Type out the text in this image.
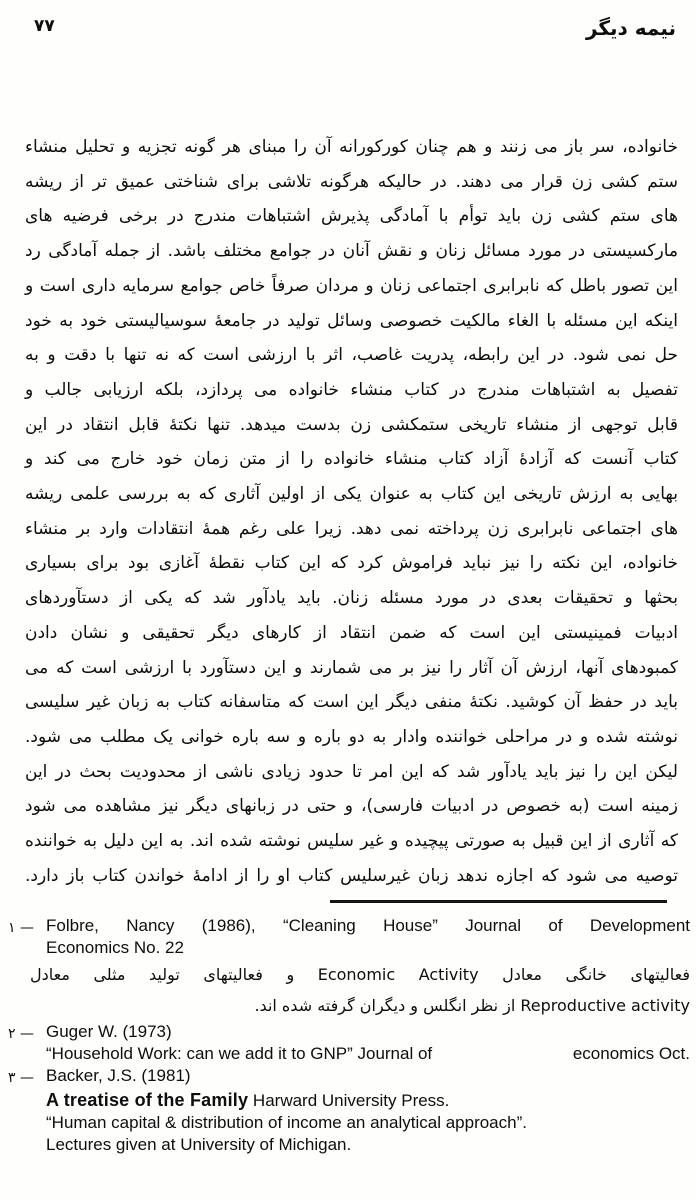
۷۷	نیمه دیگر
خانواده، سر باز می زنند و هم چنان کورکورانه آن را مبنای هر گونه تجزیه و تحلیل منشاء
ستم کشی زن قرار می دهند. در حالیکه هرگونه تلاشی برای شناختی عمیق تر از ریشه
های ستم کشی زن باید توأم با آمادگی پذیرش اشتباهات مندرج در برخی فرضیه های
مارکسیستی در مورد مسائل زنان و نقش آنان در جوامع مختلف باشد. از جمله آمادگی رد
این تصور باطل که نابرابری اجتماعی زنان و مردان صرفاً خاص جوامع سرمایه داری است و
اینکه این مسئله با الغاء مالکیت خصوصی وسائل تولید در جامعهٔ سوسیالیستی خود به خود
حل نمی شود. در این رابطه، پدریت غاصب، اثر با ارزشی است که نه تنها با دقت و به
تفصیل به اشتباهات مندرج در کتاب منشاء خانواده می پردازد، بلکه ارزیابی جالب و
قابل توجهی از منشاء تاریخی ستمکشی زن بدست میدهد. تنها نکتهٔ قابل انتقاد در این
کتاب آنست که آزادهٔ آزاد کتاب منشاء خانواده را از متن زمان خود خارج می کند و
بهایی به ارزش تاریخی این کتاب به عنوان یکی از اولین آثاری که به بررسی علمی ریشه
های اجتماعی نابرابری زن پرداخته نمی دهد. زیرا علی رغم همهٔ انتقادات وارد بر منشاء
خانواده، این نکته را نیز نباید فراموش کرد که این کتاب نقطهٔ آغازی بود برای بسیاری
بحثها و تحقیقات بعدی در مورد مسئله زنان. باید یادآور شد که یکی از دستآوردهای
ادبیات فمینیستی این است که ضمن انتقاد از کارهای دیگر تحقیقی و نشان دادن
کمبودهای آنها، ارزش آن آثار را نیز بر می شمارند و این دستآورد با ارزشی است که می
باید در حفظ آن کوشید. نکتهٔ منفی دیگر این است که متاسفانه کتاب به زبان غیر سلیسی
نوشته شده و در مراحلی خواننده وادار به دو باره و سه باره خوانی یک مطلب می شود.
لیکن این را نیز باید یادآور شد که این امر تا حدود زیادی ناشی از محدودیت بحث در این
زمینه است (به خصوص در ادبیات فارسی)، و حتی در زبانهای دیگر نیز مشاهده می شود
که آثاری از این قبیل به صورتی پیچیده و غیر سلیس نوشته شده اند. به این دلیل به خواننده
توصیه می شود که اجازه ندهد زبان غیرسلیس کتاب او را از ادامهٔ خواندن کتاب باز دارد.
۱ — Folbre, Nancy (1986), “Cleaning House” Journal of Development
Economics No. 22
فعالیتهای خانگی معادل Economic Activity و فعالیتهای تولید مثلی معادل
Reproductive activity از نظر انگلس و دیگران گرفته شده اند.
۲ — Guger W. (1973)
“Household Work: can we add it to GNP” Journal of	economics Oct.
۳ — Backer, J.S. (1981)
A treatise of the Family Harward University Press.
“Human capital & distribution of income an analytical approach”.
Lectures given at University of Michigan.
